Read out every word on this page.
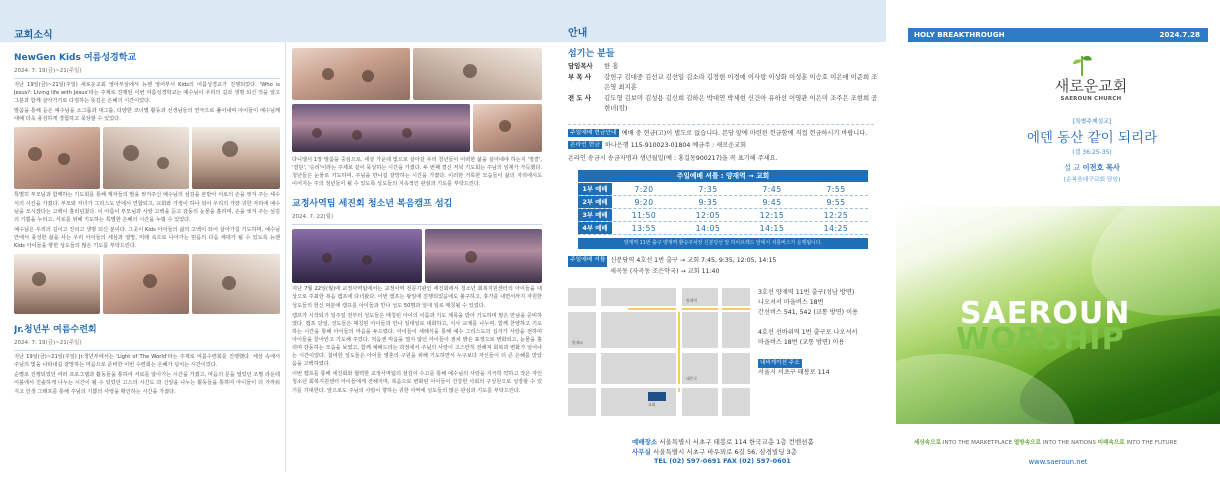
교회소식
NewGen Kids 여름성경학교
2024. 7. 19(금)~21(주일)
지난 19일(금)~21일(주일) 새로운교회 영아부실에서 뉴젠 영어부서 Kids의 여름성경교가 진행되었다. 'Who is Jesus?: Living life with Jesus'라는 주제로 진행된 이번 여름성경학교는 예수님이 우리의 길과 생명 되신 것을 알고 그분과 함께 살아가기로 다짐하는 뜻깊은 은혜의 시간이었다.
말씀을 통해 듣은 예수님을 소그룹과 대그룹, 다양한 코너별 활동과 선생님들의 연극으로 풀어내며 아이들이 예수님께 대해 더욱 풍성하게 경험하고 묵상할 수 있었다.
특별히 부모님과 함께하는 기도회를 통해 제자들의 발을 씻겨주신 예수님의 섬김을 본받아 서로의 손을 씻겨 주는 세수식의 시간을 가졌다. 부모와 자녀가 그리스도 안에서 연합되고, 교회와 가정이 하나 되어 우리의 가장 귀한 자리에 예수님을 모시겠다는 고백이 흘러넘쳤다. 이 아름이 부모님과 사랑 고백을 듣고 감동의 눈물을 흘리며, 손을 씻겨 주는 섬김의 기쁨을 누리고, 서로를 위해 기도하는 특별한 은혜의 시간을 누릴 수 있었다.
예수님은 우리의 길이고 진리고 생명 되신 분이다. 그곳이 Kids 아이들의 삶의 고백이 되어 살아가길 기도하며, 예수님 안에서 풍성한 삶을 사는 우리 아이들의 세심과 열망, 미래 속으로 나아가는 믿음의 다음 세대가 될 수 있도록 뉴젠 Kids 아이들을 향한 성도들의 많은 기도를 부탁드린다.
Jr.청년부 여름수련회
2024. 7. 19(금)~21(주일)
지난 19일(금)~21일(주일) Jr.청년부에서는 'Light of The World'라는 주제로 여름수련회를 진행했다. 세상 속에서 주님의 빛을 나타내길 갈망하는 마음으로 준비한 이번 수련회는 은혜가 넘치는 시간이었다.
순별로 진행되었던 여러 프로그램과 활동들을 통하여 서로를 알아가는 시간을 가졌고, 마음의 문을 열었던 조별 라운테이블에서 진솔하게 나누는 시간이 될 수 있었던 고스의 시간도 과 신앙을 나누는 활동들을 통하여 아이들이 더 가까워지고 인생 그래프를 통해 주님의 기쁨의 사랑을 확인하는 시간을 가졌다.
다니엘서 1장 말씀을 중심으로, 세상 가운데 빛으로 살아갈 우리 청년들이 어떠한 삶을 살아내야 하는지 '정결', '결단', '승리'이라는 주제로 같이 묵상하는 시간을 가졌다. 두 번째 결신 저녁 기도회는 주님의 임재가 가득했다. 청년들은 눈물로 기도하며, 주님을 만나길 갈망하는 시간을 가졌다. 이러한 거룩한 모습들이 삶의 자리에서도 이어지는 주의 청년들이 될 수 있도록 성도들의 지속적인 관심과 기도를 부탁드린다.
교정사역팀 세진회 청소년 복음캠프 섬김
2024. 7. 22(월)
지난 7월 22일(월)에 교정사역팀에서는 교정사역 전문기관인 세진회에서 청소년 회복지원센터의 아이들을 대상으로 주최한 복음 캠프에 다녀왔다. 이번 캠프는 왕일에 진행되었음에도 불구하고, 휴가를 내면서까지 자원한 성도들의 헌신 덕분에 캠프를 아이들과 만나 성도 50명과 일대 일로 매칭될 수 있었다.
캠프가 시작되기 일주일 전부터 성도들은 매칭된 아이의 이름과 기도 제목을 받아 기도하며 말은 만남을 준비하였다. 캠프 당일, 성도들은 매칭된 아이들과 만나 일대일로 대화하고, 식사 교제를 나누며, 함께 찬양하고 기도하는 시간을 통해 아이들의 마음을 두드렸다. 아이들이 세례식을 통해 예수 그리스도의 십자가 사랑을 전하며 아이들을 끌어안고 기도해 주었다. 처음엔 마음을 열지 않던 아이들이 점차 밝은 표정으로 변화되고, 눈물을 흘리며 감동하는 모습을 보였고, 함께 예배드리는 과정에서 주님의 사랑이 고스란히 전해져 회복과 변화가 일어나는 시간이었다. 참여한 성도들은 아이들 영혼의 구원을 위해 기도하면서 누구보다 자신들이 더 큰 은혜를 받았음을 고백하였다.
이번 캠프를 통해 세진회와 협력한 교정사역팀의 섬김이 수고를 통해 예수님의 사랑을 지극히 약하고 작은 자인 청소년 회복지원센터 아이들에게 전해지며, 복음으로 변화된 아이들이 건강한 사회의 구성원으로 성장할 수 있기를 기대한다. 앞으로도 주님의 사랑이 향하는 귀한 사역에 성도들의 많은 관심과 기도를 부탁드린다.
안내
섬기는 분들
담임목사	한 홍
부 목 사	강헌구 김대중 김선교 김선일 김소라 김정현 이경애 이사랑 이상화 이성훈 이승호 이은애 이준희 조은영 최지훈
전 도 사	김도형 김보미 김성용 김신희 김하은 박대연 박세현 신건아 유하선 이영관 이은미 조주은 조현희 공현녀(캄)
주일예배 현금안내 예배 중 현금(고)이 별도로 없습니다. 본당 앞에 마련된 헌금함에 직접 헌금하시기 바랍니다.
온라인 현금 하나은행 115-910023-01804 예금주 : 새로운교회
온라인 송금시 송금자명과 생년월일(예 : 홍길동900217)을 꼭 표기해 주세요.
주일예배 셔틀 : 양재역 → 교회
1부 예배	7:20	7:35	7:45	7:55
2부 예배	9:20	9:35	9:45	9:55
3부 예배	11:50	12:05	12:15	12:25
4부 예배	13:55	14:05	14:15	14:25
양재역 11번 출구 양재역 환승주차장 신분당선 앞 하이브레드 앞에서 셔틀버스가 운행됩니다.
주일예배 셔틀 신분당역 4호선 1번 출구 → 교회 7:45, 9:35, 12:05, 14:15
세곡동 (자곡동 조은약국) → 교회 11:40
양재역
교회
양재IC
태봉로
3호선 양재역 11번 출구(성남 방면)
나오셔서 마을버스 18번
간선버스 541, 542 (교통 방면) 이용
4호선 선바위역 1번 출구로 나오셔서
마을버스 18번 (교통 방면) 이용
내비게이션 주소
서울시 서초구 태봉로 114
예배장소 서울특별시 서초구 태봉로 114 한국교총 1층 컨벤션홀
사무실 서울특별시 서초구 바우뫼로 6길 56, 삼경빌딩 3층
TEL (02) 597-0691 FAX (02) 597-0601
HOLY BREAKTHROUGH	2024.7.28
새로운교회
SAEROUN CHURCH
[특별주제설교]
에덴 동산 같이 되리라
(겔 36:25-35)
설 교 이전호 목사
(순복음대구교회 담임)
SAEROUN
WORSHIP
세상속으로 INTO THE MARKETPLACE 열방속으로 INTO THE NATIONS 미래속으로 INTO THE FUTURE
www.saeroun.net
